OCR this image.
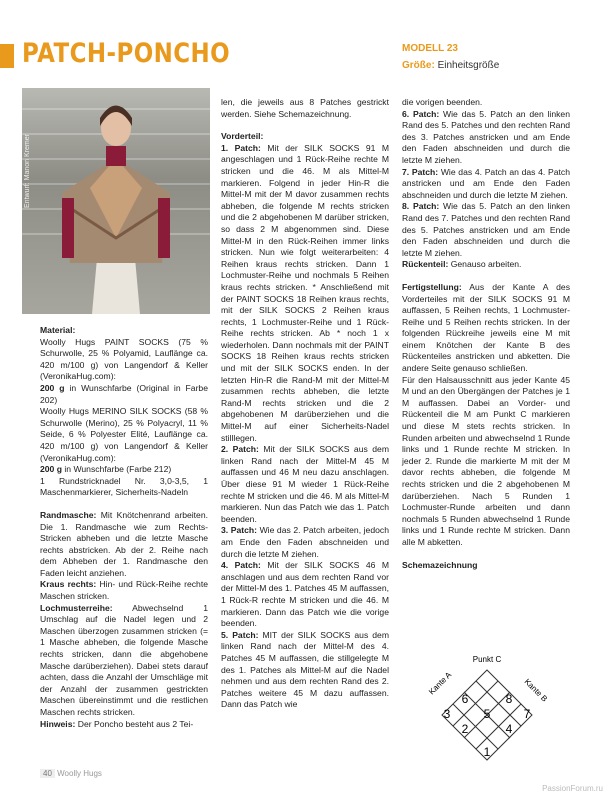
PATCH-PONCHO	MODELL 23
Größe: Einheitsgröße
Entwurf: Manon Kremer

Material:

Woolly Hugs PAINT SOCKS (75 % Schurwolle, 25 % Polyamid, Lauflänge ca. 420 m/100 g) von Langendorf & Keller (VeronikaHug.com):

200 g in Wunschfarbe (Original in Farbe 202)

Woolly Hugs MERINO SILK SOCKS (58 % Schurwolle (Merino), 25 % Polyacryl, 11 % Seide, 6 % Polyester Elité, Lauflänge ca. 420 m/100 g) von Langendorf & Keller (VeronikaHug.com):

200 g in Wunschfarbe (Farbe 212)

1 Rundstricknadel Nr. 3,0-3,5, 1 Maschenmarkierer, Sicherheits-Nadeln

Randmasche: Mit Knötchenrand arbeiten. Die 1. Randmasche wie zum Rechts-Stricken abheben und die letzte Masche rechts abstricken. Ab der 2. Reihe nach dem Abheben der 1. Randmasche den Faden leicht anziehen.

Kraus rechts: Hin- und Rück-Reihe rechte Maschen stricken.

Lochmusterreihe: Abwechselnd 1 Umschlag auf die Nadel legen und 2 Maschen überzogen zusammen stricken (= 1 Masche abheben, die folgende Masche rechts stricken, dann die abgehobene Masche darüberziehen). Dabei stets darauf achten, dass die Anzahl der Umschläge mit der Anzahl der zusammen gestrickten Maschen übereinstimmt und die restlichen Maschen rechts stricken.

Hinweis: Der Poncho besteht aus 2 Tei-

len, die jeweils aus 8 Patches gestrickt werden. Siehe Schemazeichnung.

Vorderteil:

1. Patch: Mit der SILK SOCKS 91 M angeschlagen und 1 Rück-Reihe rechte M stricken und die 46. M als Mittel-M markieren. Folgend in jeder Hin-R die Mittel-M mit der M davor zusammen rechts abheben, die folgende M rechts stricken und die 2 abgehobenen M darüber stricken, so dass 2 M abgenommen sind. Diese Mittel-M in den Rück-Reihen immer links stricken. Nun wie folgt weiterarbeiten: 4 Reihen kraus rechts stricken. Dann 1 Lochmuster-Reihe und nochmals 5 Reihen kraus rechts stricken. * Anschließend mit der PAINT SOCKS 18 Reihen kraus rechts, mit der SILK SOCKS 2 Reihen kraus rechts, 1 Lochmuster-Reihe und 1 Rück-Reihe rechts stricken. Ab * noch 1 x wiederholen. Dann nochmals mit der PAINT SOCKS 18 Reihen kraus rechts stricken und mit der SILK SOCKS enden. In der letzten Hin-R die Rand-M mit der Mittel-M zusammen rechts abheben, die letzte Rand-M rechts stricken und die 2 abgehobenen M darüberziehen und die Mittel-M auf einer Sicherheits-Nadel stilllegen.

2. Patch: Mit der SILK SOCKS aus dem linken Rand nach der Mittel-M 45 M auffassen und 46 M neu dazu anschlagen. Über diese 91 M wieder 1 Rück-Reihe rechte M stricken und die 46. M als Mittel-M markieren. Nun das Patch wie das 1. Patch beenden.

3. Patch: Wie das 2. Patch arbeiten, jedoch am Ende den Faden abschneiden und durch die letzte M ziehen.

4. Patch: Mit der SILK SOCKS 46 M anschlagen und aus dem rechten Rand vor der Mittel-M des 1. Patches 45 M auffassen, 1 Rück-R rechte M stricken und die 46. M markieren. Dann das Patch wie die vorige beenden.

5. Patch: MIT der SILK SOCKS aus dem linken Rand nach der Mittel-M des 4. Patches 45 M auffassen, die stillgelegte M des 1. Patches als Mittel-M auf die Nadel nehmen und aus dem rechten Rand des 2. Patches weitere 45 M dazu auffassen. Dann das Patch wie

die vorigen beenden.

6. Patch: Wie das 5. Patch an den linken Rand des 5. Patches und den rechten Rand des 3. Patches anstricken und am Ende den Faden abschneiden und durch die letzte M ziehen.

7. Patch: Wie das 4. Patch an das 4. Patch anstricken und am Ende den Faden abschneiden und durch die letzte M ziehen.

8. Patch: Wie das 5. Patch an den linken Rand des 7. Patches und den rechten Rand des 5. Patches anstricken und am Ende den Faden abschneiden und durch die letzte M ziehen.

Rückenteil: Genauso arbeiten.

Fertigstellung: Aus der Kante A des Vorderteiles mit der SILK SOCKS 91 M auffassen, 5 Reihen rechts, 1 Lochmuster-Reihe und 5 Reihen rechts stricken. In der folgenden Rückreihe jeweils eine M mit einem Knötchen der Kante B des Rückenteiles anstricken und abketten. Die andere Seite genauso schließen.

Für den Halsausschnitt aus jeder Kante 45 M und an den Übergängen der Patches je 1 M auffassen. Dabei an Vorder- und Rückenteil die M am Punkt C markieren und diese M stets rechts stricken. In Runden arbeiten und abwechselnd 1 Runde links und 1 Runde rechte M stricken. In jeder 2. Runde die markierte M mit der M davor rechts abheben, die folgende M rechts stricken und die 2 abgehobenen M darüberziehen. Nach 5 Runden 1 Lochmuster-Runde arbeiten und dann nochmals 5 Runden abwechselnd 1 Runde links und 1 Runde rechte M stricken. Dann alle M abketten.

Schemazeichnung

Punkt C
Kante A	Kante B
1
2
3
4
5
6
7
8
40 Woolly Hugs
PassionForum.ru
